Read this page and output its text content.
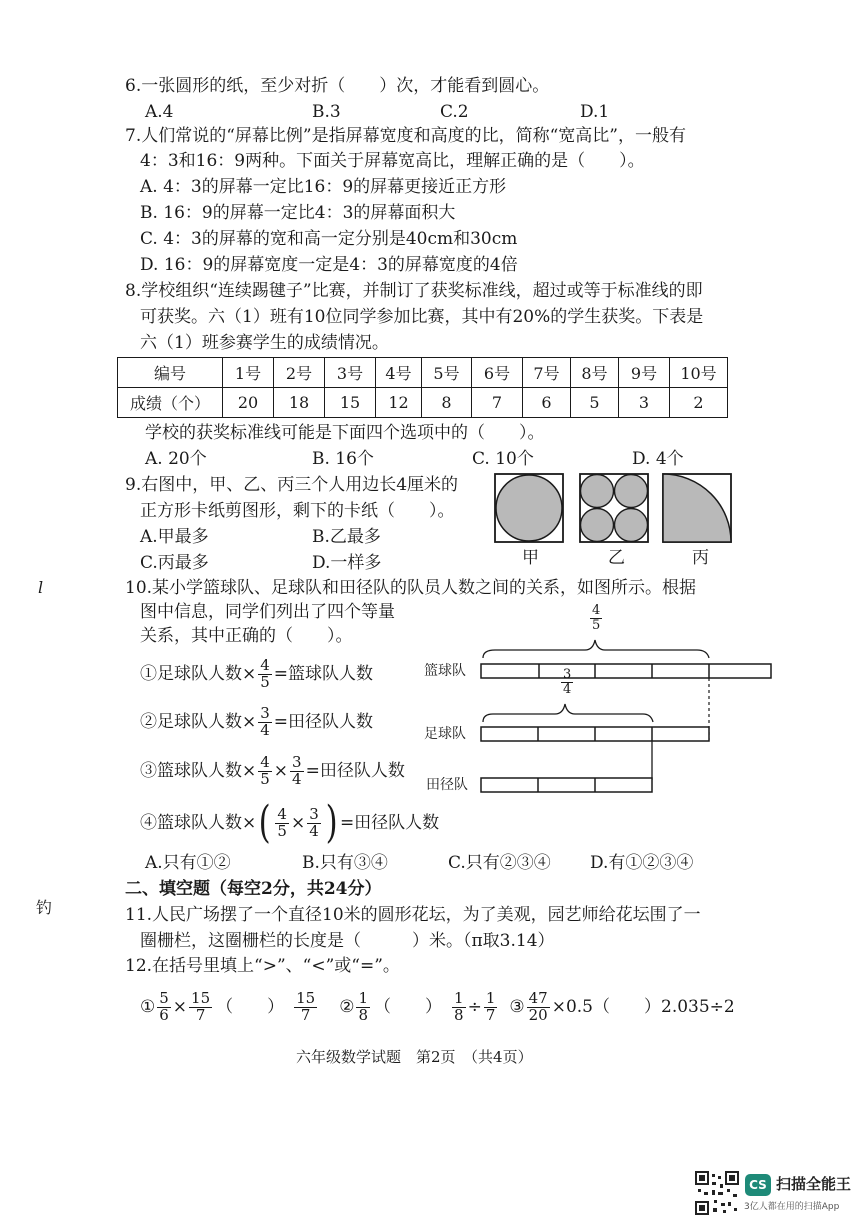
6.一张圆形的纸，至少对折（　　）次，才能看到圆心。
A.4	B.3	C.2	D.1
7.人们常说的“屏幕比例”是指屏幕宽度和高度的比，简称“宽高比”，一般有
4：3和16：9两种。下面关于屏幕宽高比，理解正确的是（　　）。
A. 4：3的屏幕一定比16：9的屏幕更接近正方形
B. 16：9的屏幕一定比4：3的屏幕面积大
C. 4：3的屏幕的宽和高一定分别是40cm和30cm
D. 16：9的屏幕宽度一定是4：3的屏幕宽度的4倍
8.学校组织“连续踢毽子”比赛，并制订了获奖标准线，超过或等于标准线的即
可获奖。六（1）班有10位同学参加比赛，其中有20%的学生获奖。下表是
六（1）班参赛学生的成绩情况。
编号	1号	2号	3号	4号	5号	6号	7号	8号	9号	10号
成绩（个）	20	18	15	12	8	7	6	5	3	2
学校的获奖标准线可能是下面四个选项中的（　　）。
A. 20个	B. 16个	C. 10个	D. 4个
9.右图中，甲、乙、丙三个人用边长4厘米的
正方形卡纸剪图形，剩下的卡纸（　　）。
A.甲最多	B.乙最多
C.丙最多	D.一样多	甲	乙	丙
l
钓
10.某小学篮球队、足球队和田径队的队员人数之间的关系，如图所示。根据
图中信息，同学们列出了四个等量
关系，其中正确的（　　）。
①足球队人数× $\frac{4}{5}$ =篮球队人数
②足球队人数× $\frac{3}{4}$ =田径队人数
③篮球队人数× $\frac{4}{5} \times \frac{3}{4}$ =田径队人数
④篮球队人数× ( $\frac{4}{5} \times \frac{3}{4}$ ) =田径队人数
$\frac{4}{5}$
$\frac{3}{4}$
篮球队
足球队
田径队
A.只有①②	B.只有③④	C.只有②③④ D.有①②③④
二、填空题（每空2分，共24分）
11.人民广场摆了一个直径10米的圆形花坛，为了美观，园艺师给花坛围了一
圈栅栏，这圈栅栏的长度是（　　　）米。（π取3.14）
12.在括号里填上“>”、“<”或“=”。
① $\frac{5}{6} \times \frac{15}{7}$ （　　） $\frac{15}{7}$ ② $\frac{1}{8}$ （　　） $\frac{1}{8} \div \frac{1}{7}$ ③ $\frac{47}{20} \times 0.5$（　　）2.035÷2
六年级数学试题　第2页　（共4页）
CS 扫描全能王
3亿人都在用的扫描App
